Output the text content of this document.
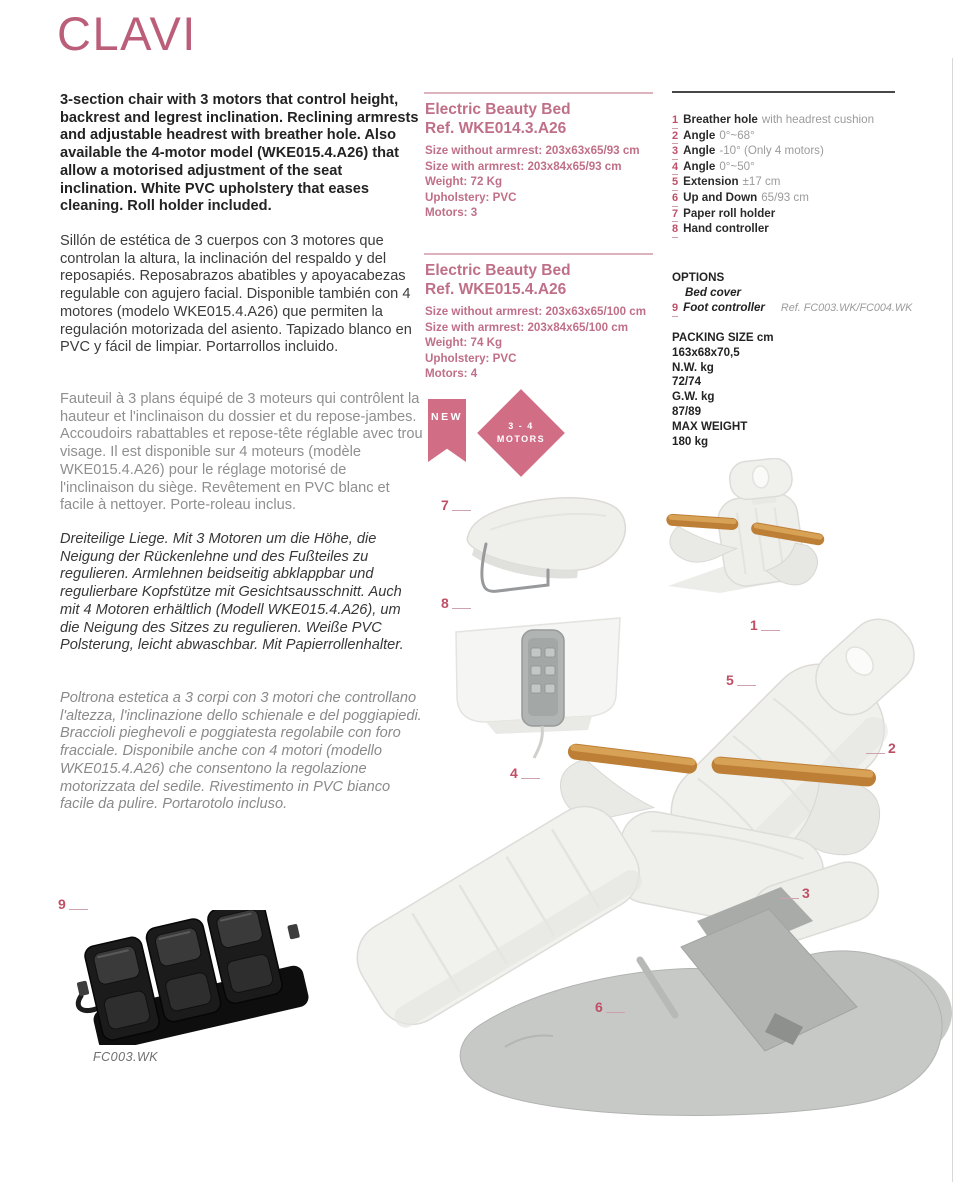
CLAVI
3-section chair with 3 motors that control height, backrest and legrest inclination. Reclining armrests and adjustable headrest with breather hole. Also available the 4-motor model (WKE015.4.A26) that allow a motorised adjustment of the seat inclination. White PVC upholstery that eases cleaning. Roll holder included.
Sillón de estética de 3 cuerpos con 3 motores que controlan la altura, la inclinación del respaldo y del reposapiés. Reposabrazos abatibles y apoyacabezas regulable con agujero facial. Disponible también con 4 motores (modelo WKE015.4.A26) que permiten la regulación motorizada del asiento. Tapizado blanco en PVC y fácil de limpiar. Portarrollos incluido.
Fauteuil à 3 plans équipé de 3 moteurs qui contrôlent la hauteur et l'inclinaison du dossier et du repose-jambes. Accoudoirs rabattables et repose-tête réglable avec trou visage. Il est disponible sur 4 moteurs (modèle WKE015.4.A26) pour le réglage motorisé de l'inclinaison du siège. Revêtement en PVC blanc et facile à nettoyer. Porte-roleau inclus.
Dreiteilige Liege. Mit 3 Motoren um die Höhe, die Neigung der Rückenlehne und des Fußteiles zu regulieren. Armlehnen beidseitig abklappbar und regulierbare Kopfstütze mit Gesichtsausschnitt. Auch mit 4 Motoren erhältlich (Modell WKE015.4.A26), um die Neigung des Sitzes zu regulieren. Weiße PVC Polsterung, leicht abwaschbar. Mit Papierrollenhalter.
Poltrona estetica a 3 corpi con 3 motori che controllano l'altezza, l'inclinazione dello schienale e del poggiapiedi. Braccioli pieghevoli e poggiatesta regolabile con foro fracciale. Disponibile anche con 4 motori (modello WKE015.4.A26) che consentono la regolazione motorizzata del sedile. Rivestimento in PVC bianco facile da pulire. Portarotolo incluso.
Electric Beauty Bed
Ref. WKE014.3.A26
Size without armrest: 203x63x65/93 cm
Size with armrest: 203x84x65/93 cm
Weight: 72 Kg
Upholstery: PVC
Motors: 3
Electric Beauty Bed
Ref. WKE015.4.A26
Size without armrest: 203x63x65/100 cm
Size with armrest: 203x84x65/100 cm
Weight: 74 Kg
Upholstery: PVC
Motors: 4
NEW
3 - 4
MOTORS
1 Breather hole with headrest cushion
2 Angle 0°~68°
3 Angle -10° (Only 4 motors)
4 Angle 0°~50°
5 Extension ±17 cm
6 Up and Down 65/93 cm
7 Paper roll holder
8 Hand controller
OPTIONS
Bed cover
9 Foot controller Ref. FC003.WK/FC004.WK
PACKING SIZE cm
163x68x70,5
N.W. kg
72/74
G.W. kg
87/89
MAX WEIGHT
180 kg
7
8
1
5
2
4
3
6
9
FC003.WK
